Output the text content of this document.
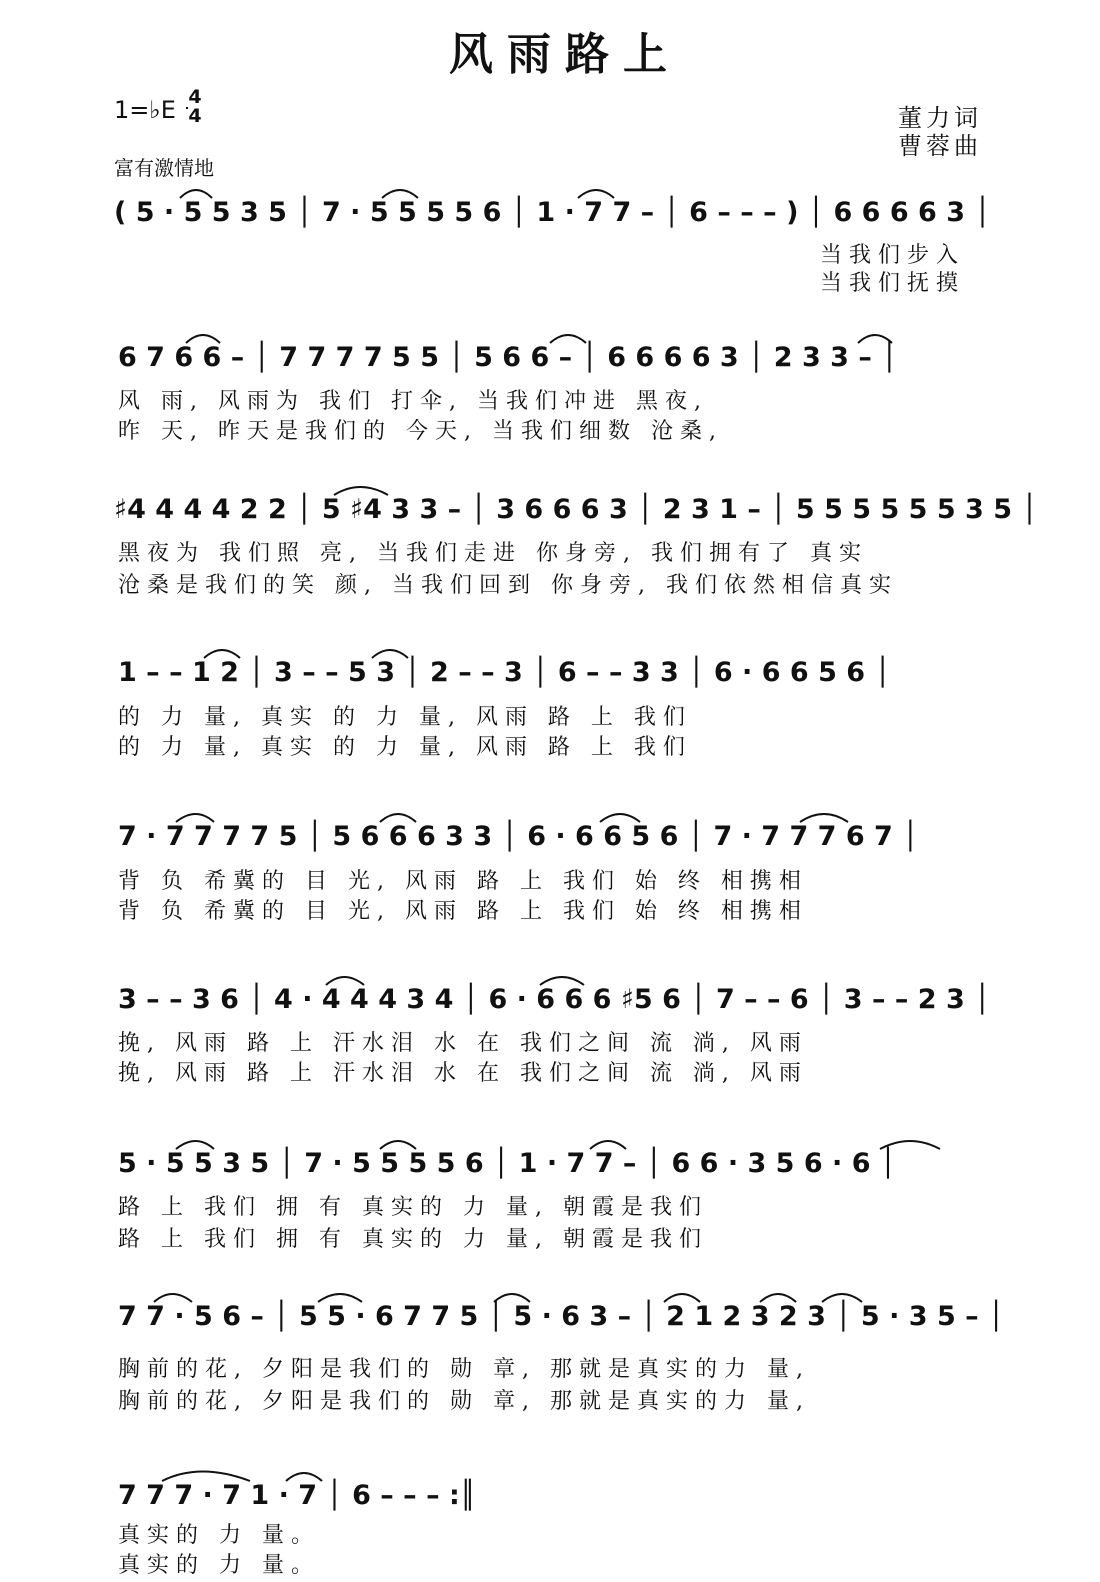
风雨路上
1=♭E 4
4	董力词
曹蓉曲
富有激情地
( 5 · 5 5 3 5 │ 7 · 5 5 5 5 6 │ 1 · 7 7 – │ 6 – – – ) │ 6 6 6 6 3 │
当我们步入
当我们抚摸
6 7 6 6 – │ 7 7 7 7 5 5 │ 5 6 6 – │ 6 6 6 6 3 │ 2 3 3 – │
风 雨, 风雨为 我们 打伞, 当我们冲进 黑夜,
昨 天, 昨天是我们的 今天, 当我们细数 沧桑,
♯4 4 4 4 2 2 │ 5 ♯4 3 3 – │ 3 6 6 6 3 │ 2 3 1 – │ 5 5 5 5 5 5 3 5 │
黑夜为 我们照 亮, 当我们走进 你身旁, 我们拥有了 真实
沧桑是我们的笑 颜, 当我们回到 你身旁, 我们依然相信真实
1 – – 1 2 │ 3 – – 5 3 │ 2 – – 3 │ 6 – – 3 3 │ 6 · 6 6 5 6 │
的 力 量, 真实 的 力 量, 风雨 路 上 我们
的 力 量, 真实 的 力 量, 风雨 路 上 我们
7 · 7 7 7 7 5 │ 5 6 6 6 3 3 │ 6 · 6 6 5 6 │ 7 · 7 7 7 6 7 │
背 负 希冀的 目 光, 风雨 路 上 我们 始 终 相携相
背 负 希冀的 目 光, 风雨 路 上 我们 始 终 相携相
3 – – 3 6 │ 4 · 4 4 4 3 4 │ 6 · 6 6 6 ♯5 6 │ 7 – – 6 │ 3 – – 2 3 │
挽, 风雨 路 上 汗水泪 水 在 我们之间 流 淌, 风雨
挽, 风雨 路 上 汗水泪 水 在 我们之间 流 淌, 风雨
5 · 5 5 3 5 │ 7 · 5 5 5 5 6 │ 1 · 7 7 – │ 6 6 · 3 5 6 · 6 │
路 上 我们 拥 有 真实的 力 量, 朝霞是我们
路 上 我们 拥 有 真实的 力 量, 朝霞是我们
7 7 · 5 6 – │ 5 5 · 6 7 7 5 │ 5 · 6 3 – │ 2 1 2 3 2 3 │ 5 · 3 5 – │
胸前的花, 夕阳是我们的 勋 章, 那就是真实的力 量,
胸前的花, 夕阳是我们的 勋 章, 那就是真实的力 量,
7 7 7 · 7 1 · 7 │ 6 – – – :║
真实的 力 量。
真实的 力 量。
